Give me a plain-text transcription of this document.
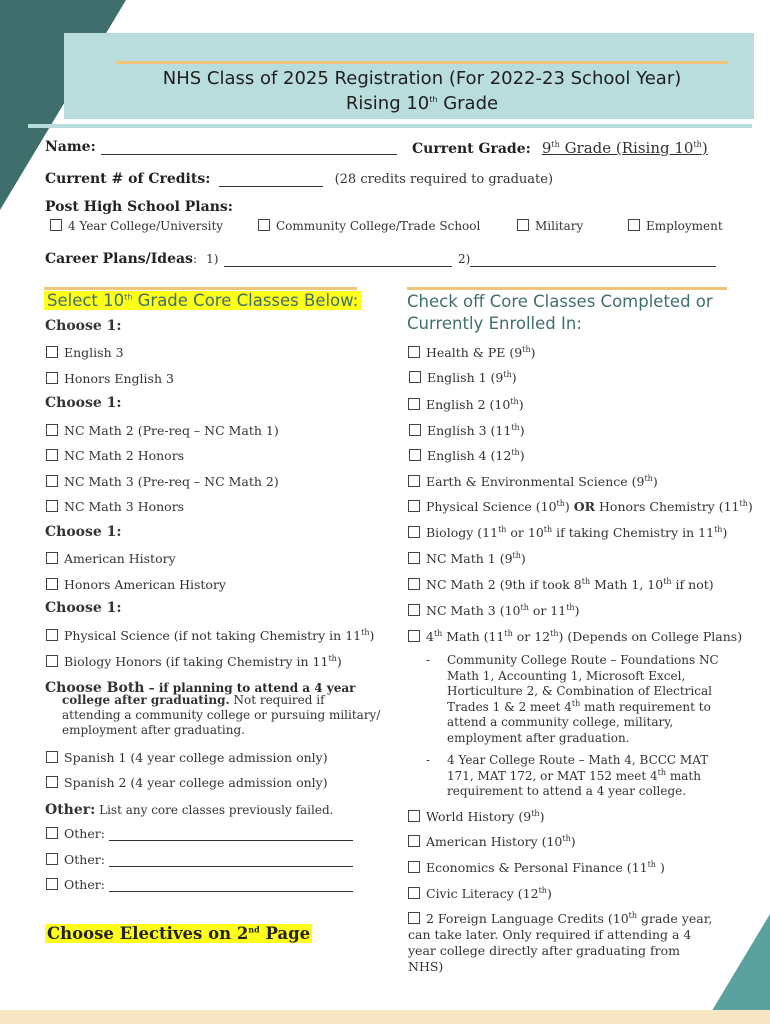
NHS Class of 2025 Registration (For 2022-23 School Year)
Rising 10th Grade
Name:	Current Grade: 9th Grade (Rising 10th)
Current # of Credits:	(28 credits required to graduate)
Post High School Plans:
4 Year College/University	Community College/Trade School	Military	Employment
Career Plans/Ideas: 1)	2)
Select 10th Grade Core Classes Below:	Check off Core Classes Completed or Currently Enrolled In:
Choose 1:
English 3
Honors English 3
Choose 1:
NC Math 2 (Pre-req – NC Math 1)
NC Math 2 Honors
NC Math 3 (Pre-req – NC Math 2)
NC Math 3 Honors
Choose 1:
American History
Honors American History
Choose 1:
Physical Science (if not taking Chemistry in 11th)
Biology Honors (if taking Chemistry in 11th)
Choose Both – if planning to attend a 4 year
college after graduating. Not required if attending a community college or pursuing military/ employment after graduating.
Spanish 1 (4 year college admission only)
Spanish 2 (4 year college admission only)
Other: List any core classes previously failed.
Other:
Other:
Other:
Choose Electives on 2nd Page
Health & PE (9th)
English 1 (9th)
English 2 (10th)
English 3 (11th)
English 4 (12th)
Earth & Environmental Science (9th)
Physical Science (10th) OR Honors Chemistry (11th)
Biology (11th or 10th if taking Chemistry in 11th)
NC Math 1 (9th)
NC Math 2 (9th if took 8th Math 1, 10th if not)
NC Math 3 (10th or 11th)
4th Math (11th or 12th) (Depends on College Plans)
- Community College Route – Foundations NC Math 1, Accounting 1, Microsoft Excel, Horticulture 2, & Combination of Electrical Trades 1 & 2 meet 4th math requirement to attend a community college, military, employment after graduation.
- 4 Year College Route – Math 4, BCCC MAT 171, MAT 172, or MAT 152 meet 4th math requirement to attend a 4 year college.
World History (9th)
American History (10th)
Economics & Personal Finance (11th )
Civic Literacy (12th)
2 Foreign Language Credits (10th grade year, can take later. Only required if attending a 4 year college directly after graduating from NHS)
